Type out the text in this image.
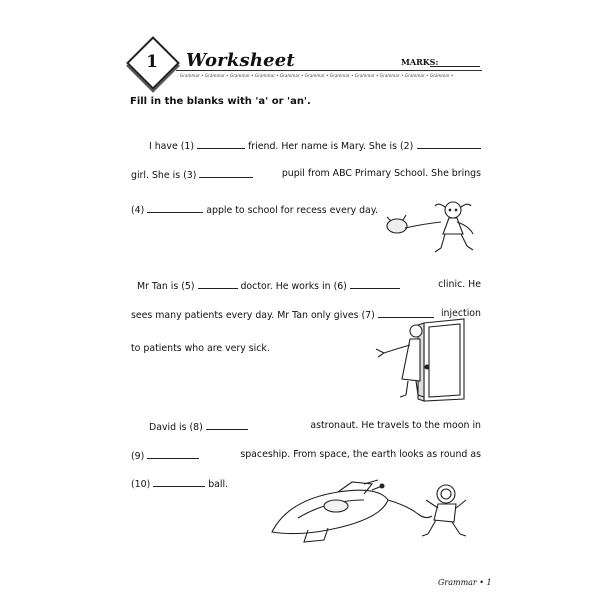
1	Worksheet	MARKS:
Grammar • Grammar • Grammar • Grammar • Grammar • Grammar • Grammar • Grammar • Grammar • Grammar • Grammar •
Fill in the blanks with 'a' or 'an'.
I have (1)	friend. Her name is Mary. She is (2)
girl. She is (3)	pupil from ABC Primary School. She brings
(4)	apple to school for recess every day.
Mr Tan is (5)	doctor. He works in (6)	clinic. He
sees many patients every day. Mr Tan only gives (7)	injection
to patients who are very sick.
David is (8)	astronaut. He travels to the moon in
(9)	spaceship. From space, the earth looks as round as
(10)	ball.
Grammar • 1
